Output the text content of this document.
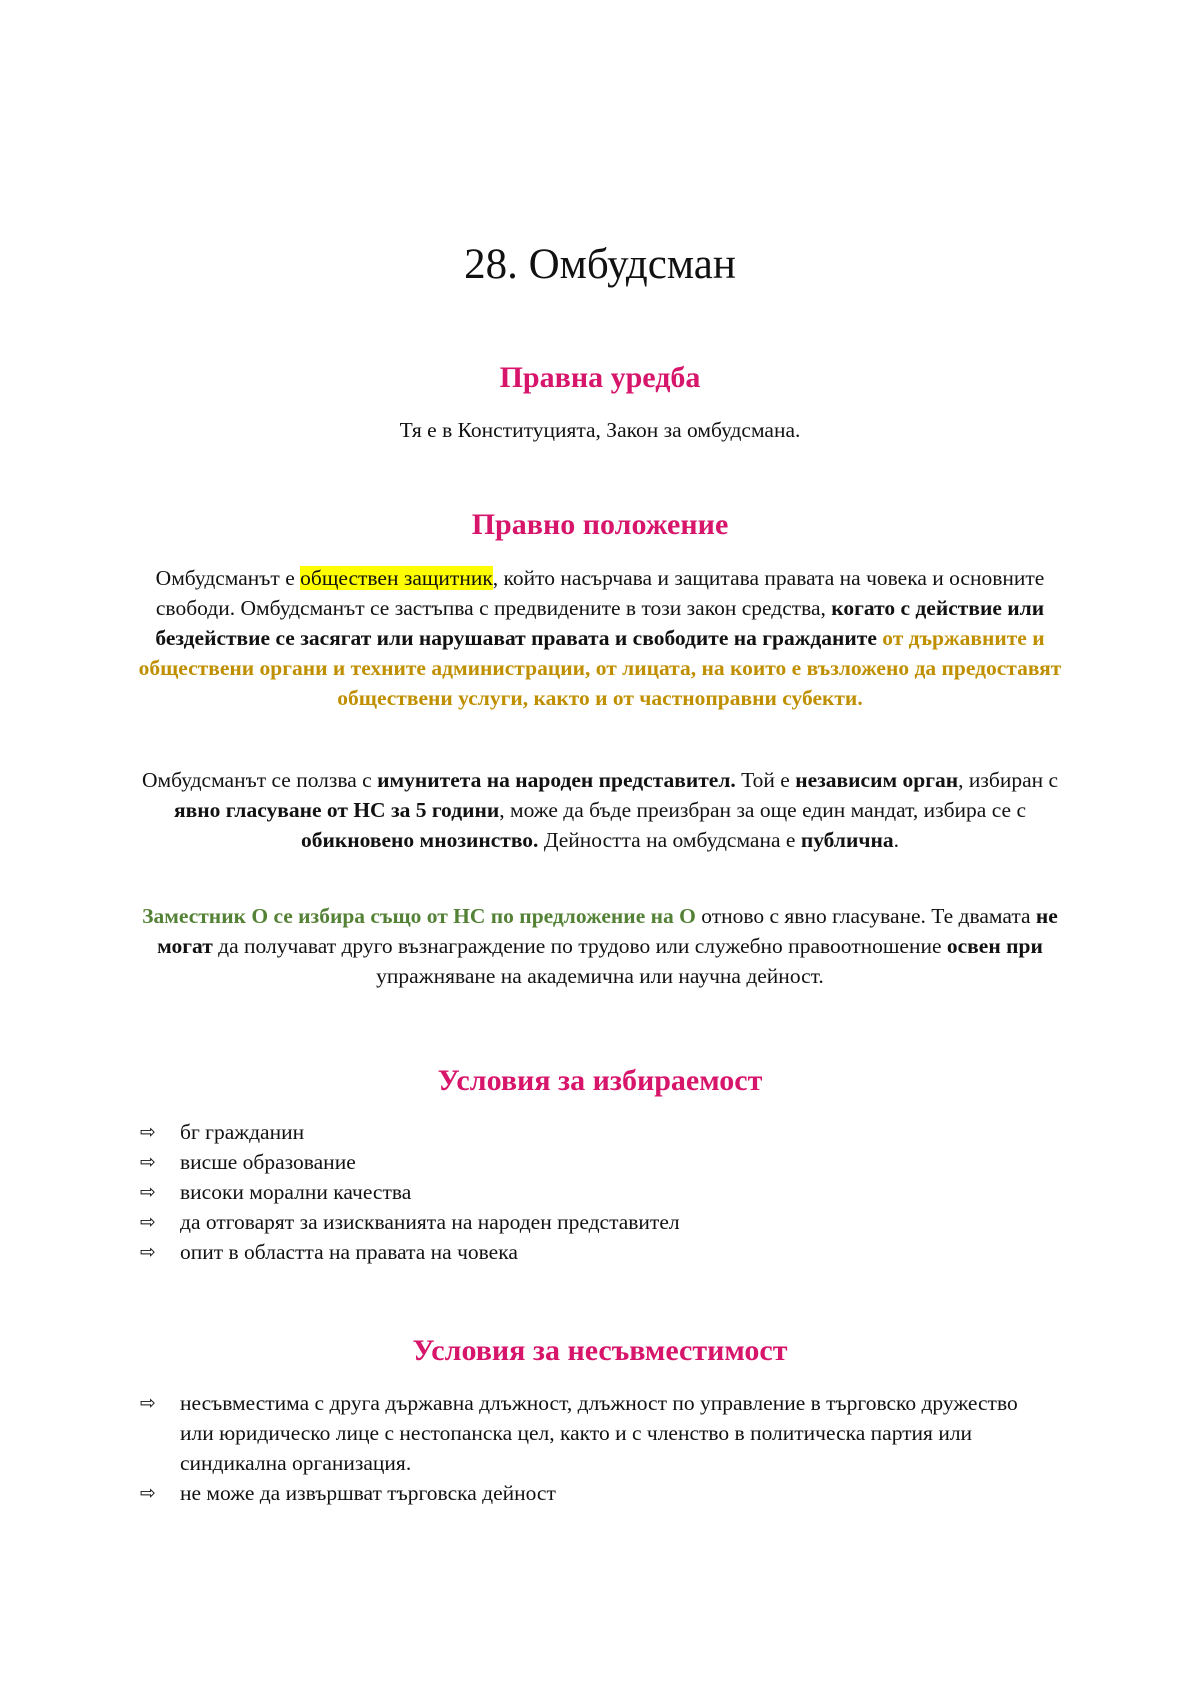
28. Омбудсман
Правна уредба

Тя е в Конституцията, Закон за омбудсмана.

Правно положение

Омбудсманът е обществен защитник, който насърчава и защитава правата на човека и основните свободи. Омбудсманът се застъпва с предвидените в този закон средства, когато с действие или бездействие се засягат или нарушават правата и свободите на гражданите от държавните и обществени органи и техните администрации, от лицата, на които е възложено да предоставят обществени услуги, както и от частноправни субекти.

Омбудсманът се ползва с имунитета на народен представител. Той е независим орган, избиран с явно гласуване от НС за 5 години, може да бъде преизбран за още един мандат, избира се с обикновено мнозинство. Дейността на омбудсмана е публична.

Заместник О се избира също от НС по предложение на О отново с явно гласуване. Те двамата не могат да получават друго възнаграждение по трудово или служебно правоотношение освен при упражняване на академична или научна дейност.

Условия за избираемост
⇨ бг гражданин
⇨ висше образование
⇨ високи морални качества
⇨ да отговарят за изискванията на народен представител
⇨ опит в областта на правата на човека
Условия за несъвместимост
⇨ несъвместима с друга държавна длъжност, длъжност по управление в търговско дружество или юридическо лице с нестопанска цел, както и с членство в политическа партия или синдикална организация.
⇨ не може да извършват търговска дейност
